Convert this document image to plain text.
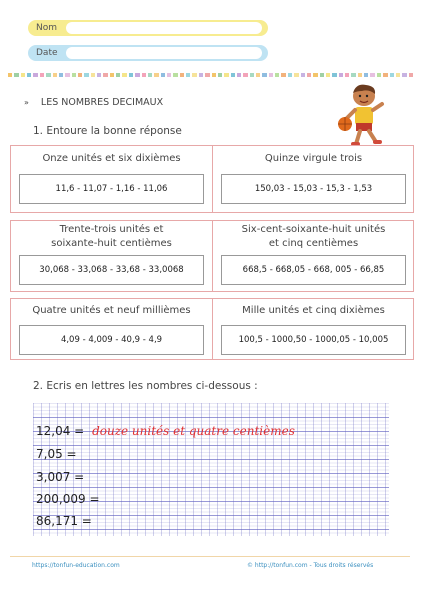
Nom
Date
» LES NOMBRES DECIMAUX
1. Entoure la bonne réponse
Onze unités et six dixièmes
11,6 - 11,07 - 1,16 - 11,06
Quinze virgule trois
150,03 - 15,03 - 15,3 - 1,53
Trente-trois unités et
soixante-huit centièmes
30,068 - 33,068 - 33,68 - 33,0068
Six-cent-soixante-huit unités
et cinq centièmes
668,5 - 668,05 - 668, 005 - 66,85
Quatre unités et neuf millièmes
4,09 - 4,009 - 40,9 - 4,9
Mille unités et cinq dixièmes
100,5 - 1000,50 - 1000,05 - 10,005
2. Ecris en lettres les nombres ci-dessous :
12,04 = douze unités et quatre centièmes
7,05 =
3,007 =
200,009 =
86,171 =
https://tonfun-education.com	© http://tonfun.com - Tous droits réservés
